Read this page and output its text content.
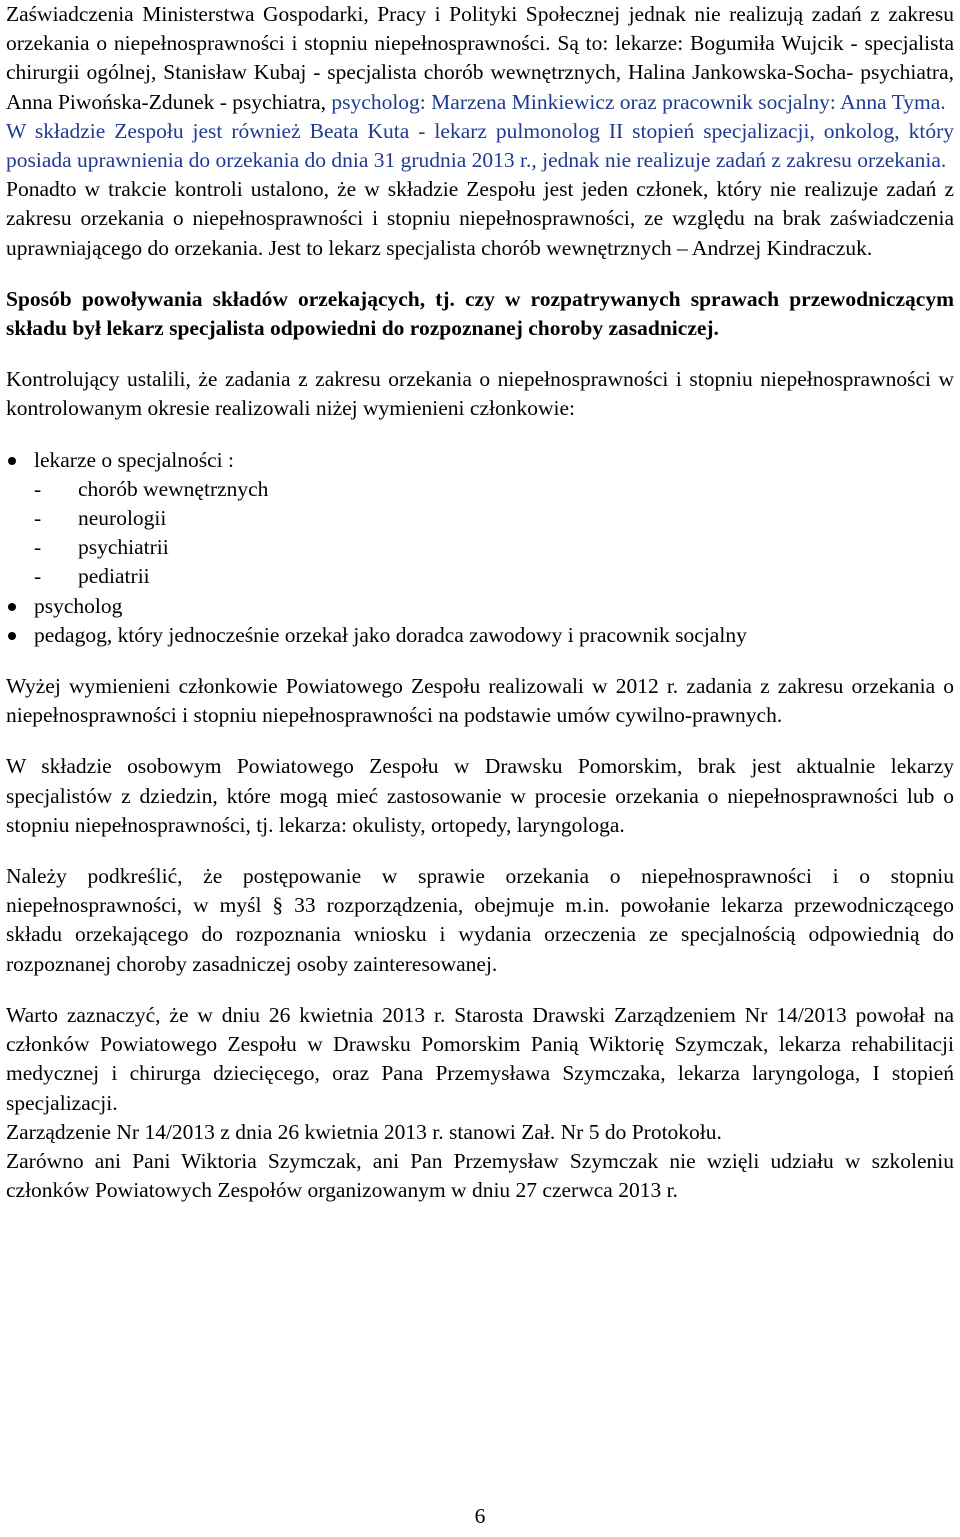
Zaświadczenia Ministerstwa Gospodarki, Pracy i Polityki Społecznej jednak nie realizują zadań z zakresu orzekania o niepełnosprawności i stopniu niepełnosprawności. Są to: lekarze: Bogumiła Wujcik - specjalista chirurgii ogólnej, Stanisław Kubaj - specjalista chorób wewnętrznych, Halina Jankowska-Socha- psychiatra, Anna Piwońska-Zdunek - psychiatra, psycholog: Marzena Minkiewicz oraz pracownik socjalny: Anna Tyma.

W składzie Zespołu jest również Beata Kuta - lekarz pulmonolog II stopień specjalizacji, onkolog, który posiada uprawnienia do orzekania do dnia 31 grudnia 2013 r., jednak nie realizuje zadań z zakresu orzekania.

Ponadto w trakcie kontroli ustalono, że w składzie Zespołu jest jeden członek, który nie realizuje zadań z zakresu orzekania o niepełnosprawności i stopniu niepełnosprawności, ze względu na brak zaświadczenia uprawniającego do orzekania. Jest to lekarz specjalista chorób wewnętrznych – Andrzej Kindraczuk.

Sposób powoływania składów orzekających, tj. czy w rozpatrywanych sprawach przewodniczącym składu był lekarz specjalista odpowiedni do rozpoznanej choroby zasadniczej.

Kontrolujący ustalili, że zadania z zakresu orzekania o niepełnosprawności i stopniu niepełnosprawności w kontrolowanym okresie realizowali niżej wymienieni członkowie:

lekarze o specjalności :
- chorób wewnętrznych
- neurologii
- psychiatrii
- pediatrii
psycholog
pedagog, który jednocześnie orzekał jako doradca zawodowy i pracownik socjalny

Wyżej wymienieni członkowie Powiatowego Zespołu realizowali w 2012 r. zadania z zakresu orzekania o niepełnosprawności i stopniu niepełnosprawności na podstawie umów cywilno-prawnych.

W składzie osobowym Powiatowego Zespołu w Drawsku Pomorskim, brak jest aktualnie lekarzy specjalistów z dziedzin, które mogą mieć zastosowanie w procesie orzekania o niepełnosprawności lub o stopniu niepełnosprawności, tj. lekarza: okulisty, ortopedy, laryngologa.

Należy podkreślić, że postępowanie w sprawie orzekania o niepełnosprawności i o stopniu niepełnosprawności, w myśl § 33 rozporządzenia, obejmuje m.in. powołanie lekarza przewodniczącego składu orzekającego do rozpoznania wniosku i wydania orzeczenia ze specjalnością odpowiednią do rozpoznanej choroby zasadniczej osoby zainteresowanej.

Warto zaznaczyć, że w dniu 26 kwietnia 2013 r. Starosta Drawski Zarządzeniem Nr 14/2013 powołał na członków Powiatowego Zespołu w Drawsku Pomorskim Panią Wiktorię Szymczak, lekarza rehabilitacji medycznej i chirurga dziecięcego, oraz Pana Przemysława Szymczaka, lekarza laryngologa, I stopień specjalizacji.

Zarządzenie Nr 14/2013 z dnia 26 kwietnia 2013 r. stanowi Zał. Nr 5 do Protokołu.

Zarówno ani Pani Wiktoria Szymczak, ani Pan Przemysław Szymczak nie wzięli udziału w szkoleniu członków Powiatowych Zespołów organizowanym w dniu 27 czerwca 2013 r.

6
